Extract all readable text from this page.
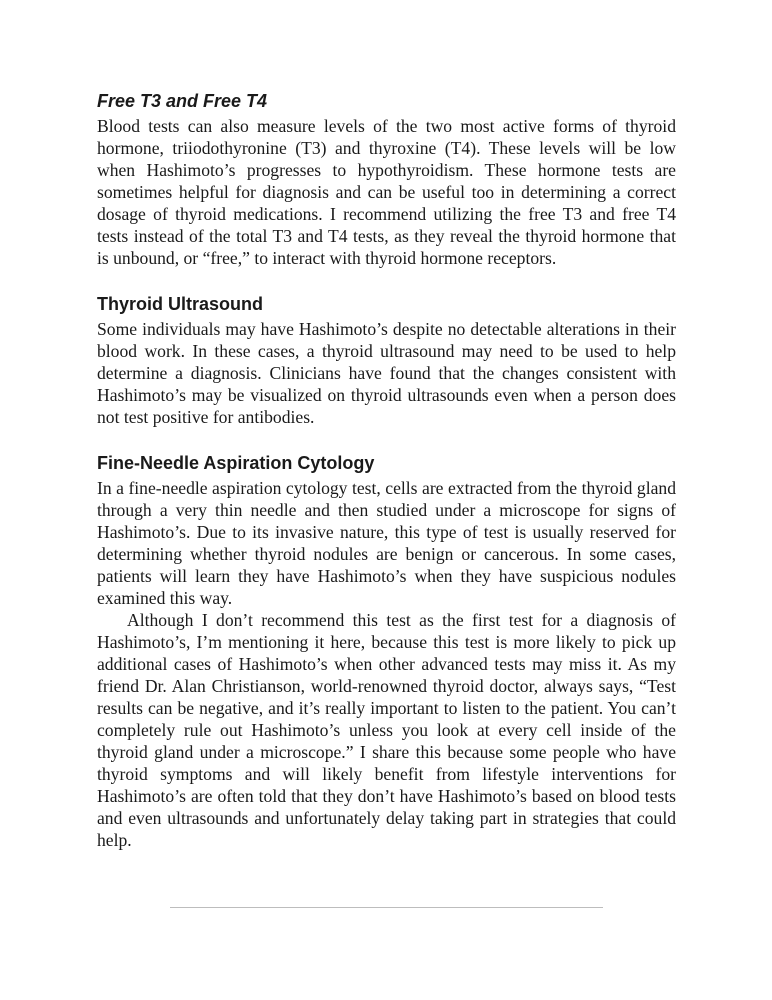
Free T3 and Free T4

Blood tests can also measure levels of the two most active forms of thyroid hormone, triiodothyronine (T3) and thyroxine (T4). These levels will be low when Hashimoto’s progresses to hypothyroidism. These hormone tests are sometimes helpful for diagnosis and can be useful too in determining a correct dosage of thyroid medications. I recommend utilizing the free T3 and free T4 tests instead of the total T3 and T4 tests, as they reveal the thyroid hormone that is unbound, or “free,” to interact with thyroid hormone receptors.

Thyroid Ultrasound

Some individuals may have Hashimoto’s despite no detectable alterations in their blood work. In these cases, a thyroid ultrasound may need to be used to help determine a diagnosis. Clinicians have found that the changes consistent with Hashimoto’s may be visualized on thyroid ultrasounds even when a person does not test positive for antibodies.

Fine-Needle Aspiration Cytology

In a fine-needle aspiration cytology test, cells are extracted from the thyroid gland through a very thin needle and then studied under a microscope for signs of Hashimoto’s. Due to its invasive nature, this type of test is usually reserved for determining whether thyroid nodules are benign or cancerous. In some cases, patients will learn they have Hashimoto’s when they have suspicious nodules examined this way.

Although I don’t recommend this test as the first test for a diagnosis of Hashimoto’s, I’m mentioning it here, because this test is more likely to pick up additional cases of Hashimoto’s when other advanced tests may miss it. As my friend Dr. Alan Christianson, world-renowned thyroid doctor, always says, “Test results can be negative, and it’s really important to listen to the patient. You can’t completely rule out Hashimoto’s unless you look at every cell inside of the thyroid gland under a microscope.” I share this because some people who have thyroid symptoms and will likely benefit from lifestyle interventions for Hashimoto’s are often told that they don’t have Hashimoto’s based on blood tests and even ultrasounds and unfortunately delay taking part in strategies that could help.
